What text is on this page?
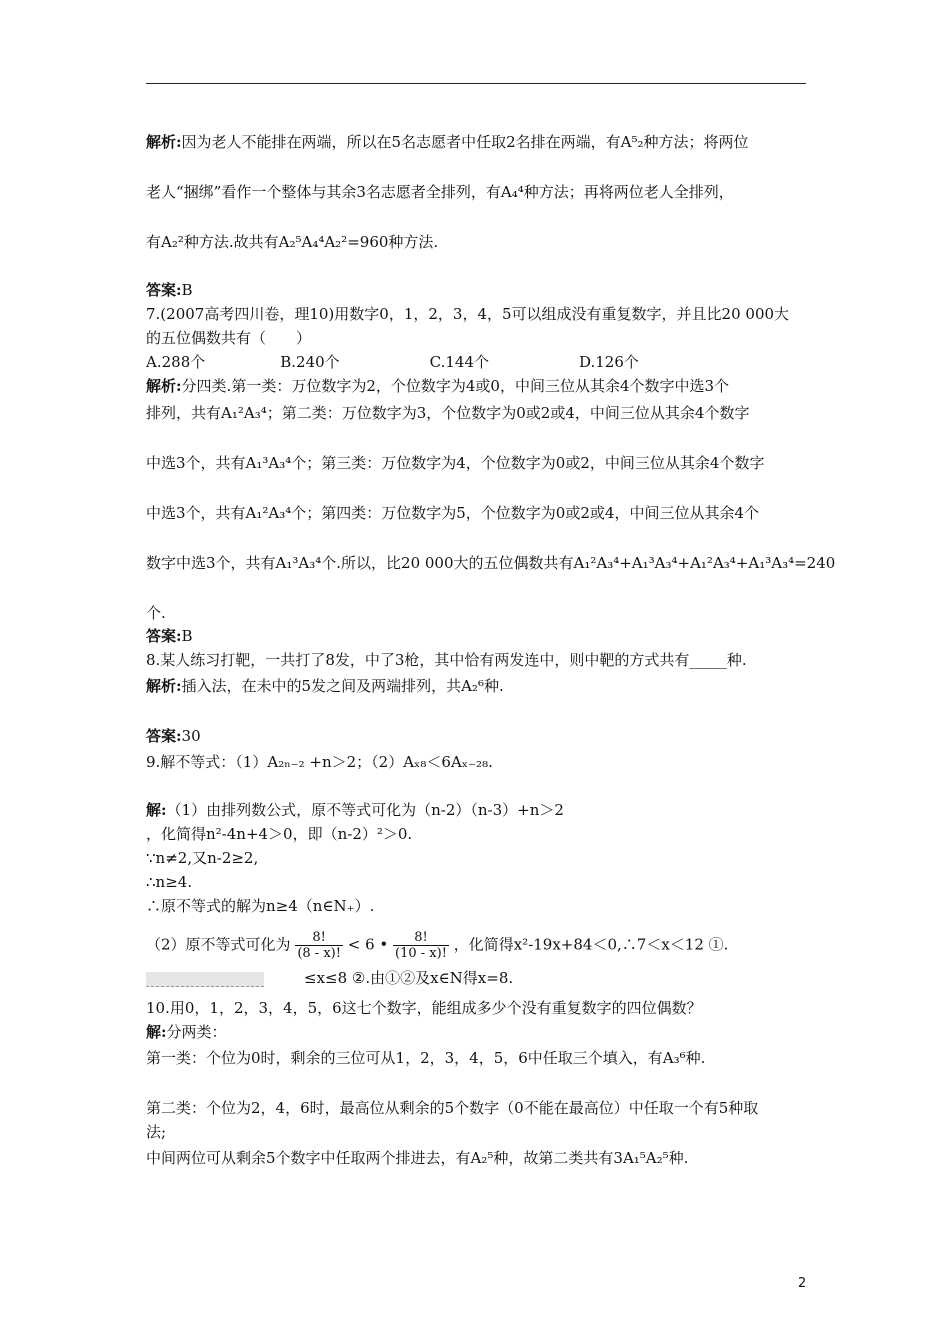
解析:因为老人不能排在两端，所以在5名志愿者中任取2名排在两端，有A⁵₂种方法；将两位
老人“捆绑”看作一个整体与其余3名志愿者全排列，有A₄⁴种方法；再将两位老人全排列，
有A₂²种方法.故共有A₂⁵A₄⁴A₂²=960种方法.
答案:B
7.(2007高考四川卷，理10)用数字0，1，2，3，4，5可以组成没有重复数字，并且比20 000大
的五位偶数共有（　　）
A.288个　　　　　B.240个　　　　　　C.144个　　　　　　D.126个
解析:分四类.第一类：万位数字为2，个位数字为4或0，中间三位从其余4个数字中选3个
排列，共有A₁²A₃⁴；第二类：万位数字为3，个位数字为0或2或4，中间三位从其余4个数字
中选3个，共有A₁³A₃⁴个；第三类：万位数字为4，个位数字为0或2，中间三位从其余4个数字
中选3个，共有A₁²A₃⁴个；第四类：万位数字为5，个位数字为0或2或4，中间三位从其余4个
数字中选3个，共有A₁³A₃⁴个.所以，比20 000大的五位偶数共有A₁²A₃⁴+A₁³A₃⁴+A₁²A₃⁴+A₁³A₃⁴=240
个.
答案:B
8.某人练习打靶，一共打了8发，中了3枪，其中恰有两发连中，则中靶的方式共有_____种.
解析:插入法，在未中的5发之间及两端排列，共A₂⁶种.
答案:30
9.解不等式：（1）A₂ₙ₋₂ +n＞2；（2）Aₓ₈＜6Aₓ₋₂₈.
解:（1）由排列数公式，原不等式可化为（n-2）（n-3）+n＞2
，化简得n²-4n+4＞0，即（n-2）²＞0.
∵n≠2,又n-2≥2,
∴n≥4.
∴原不等式的解为n≥4（n∈N₊）.
≤x≤8 ②.由①②及x∈N得x=8.
10.用0，1，2，3，4，5，6这七个数字，能组成多少个没有重复数字的四位偶数？
解:分两类：
第一类：个位为0时，剩余的三位可从1，2，3，4，5，6中任取三个填入，有A₃⁶种.
第二类：个位为2，4，6时，最高位从剩余的5个数字（0不能在最高位）中任取一个有5种取
法;
中间两位可从剩余5个数字中任取两个排进去，有A₂⁵种，故第二类共有3A₁⁵A₂⁵种.
（2）原不等式可化为 $\frac{8!}{(8 - x)!} < 6$ • $\frac{8!}{(10 - x)!}$ ，化简得x²-19x+84＜0,∴7＜x＜12 ①.
2
